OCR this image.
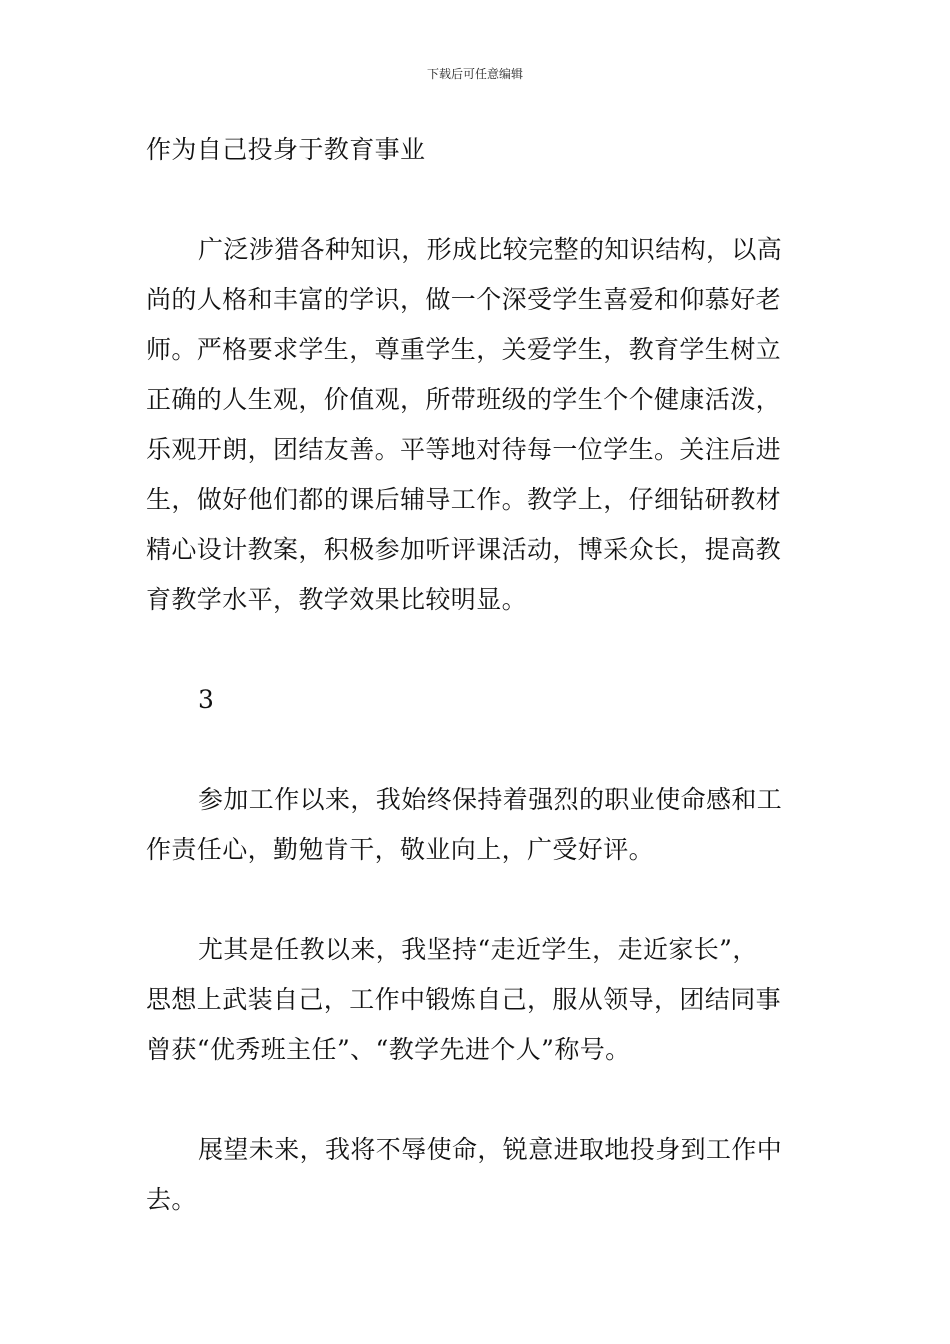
下载后可任意编辑
作为自己投身于教育事业
广泛涉猎各种知识，形成比较完整的知识结构，以高
尚的人格和丰富的学识，做一个深受学生喜爱和仰慕好老
师。严格要求学生，尊重学生，关爱学生，教育学生树立
正确的人生观，价值观，所带班级的学生个个健康活泼，
乐观开朗，团结友善。平等地对待每一位学生。关注后进
生，做好他们都的课后辅导工作。教学上，仔细钻研教材
精心设计教案，积极参加听评课活动，博采众长，提高教
育教学水平，教学效果比较明显。
3
参加工作以来，我始终保持着强烈的职业使命感和工
作责任心，勤勉肯干，敬业向上，广受好评。
尤其是任教以来，我坚持“走近学生，走近家长”，
思想上武装自己，工作中锻炼自己，服从领导，团结同事
曾获“优秀班主任”、“教学先进个人”称号。
展望未来，我将不辱使命，锐意进取地投身到工作中
去。
